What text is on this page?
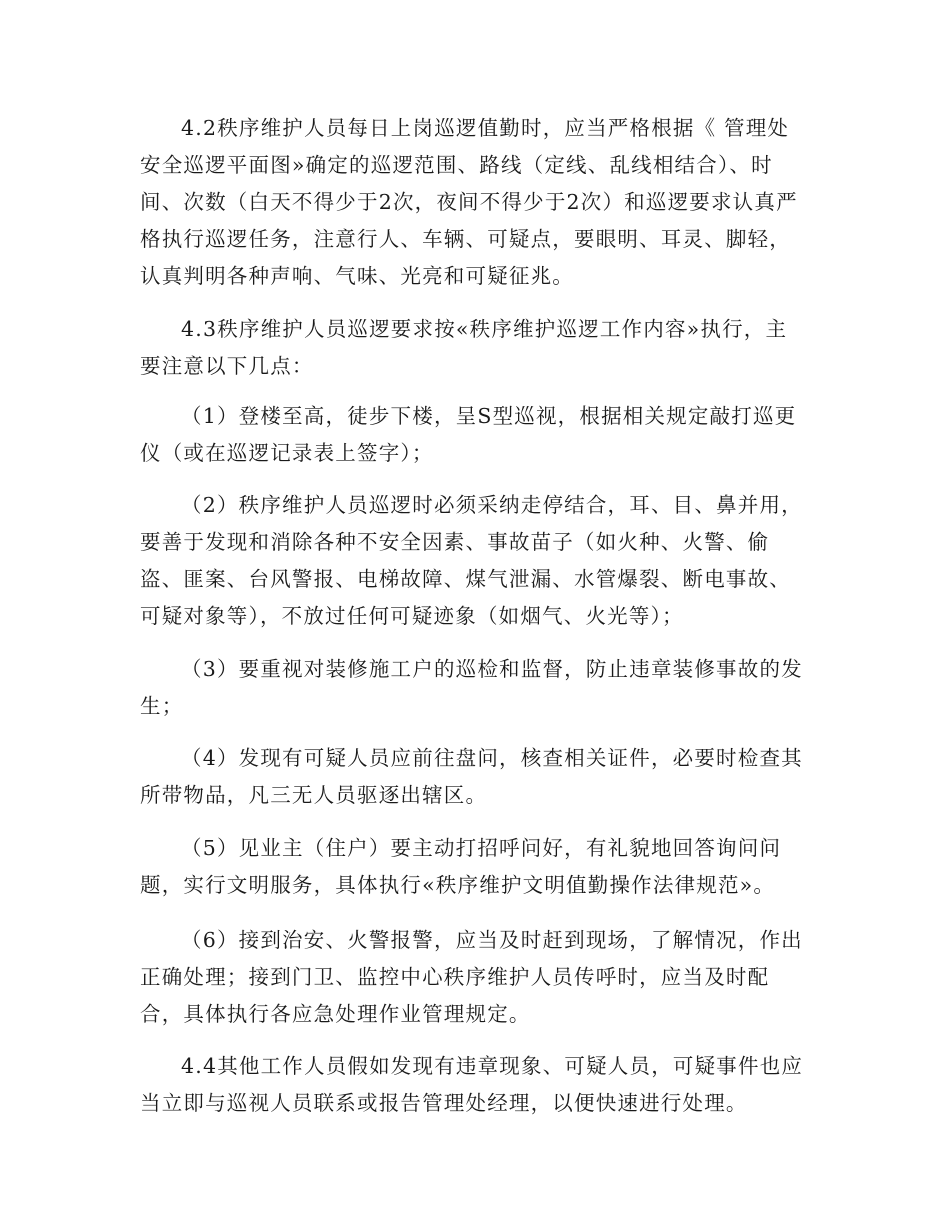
4.2秩序维护人员每日上岗巡逻值勤时，应当严格根据《 管理处
安全巡逻平面图»确定的巡逻范围、路线（定线、乱线相结合）、时
间、次数（白天不得少于2次，夜间不得少于2次）和巡逻要求认真严
格执行巡逻任务，注意行人、车辆、可疑点，要眼明、耳灵、脚轻，
认真判明各种声响、气味、光亮和可疑征兆。
4.3秩序维护人员巡逻要求按«秩序维护巡逻工作内容»执行，主
要注意以下几点：
（1）登楼至高，徒步下楼，呈S型巡视，根据相关规定敲打巡更
仪（或在巡逻记录表上签字）；
（2）秩序维护人员巡逻时必须采纳走停结合，耳、目、鼻并用，
要善于发现和消除各种不安全因素、事故苗子（如火种、火警、偷
盗、匪案、台风警报、电梯故障、煤气泄漏、水管爆裂、断电事故、
可疑对象等），不放过任何可疑迹象（如烟气、火光等）；
（3）要重视对装修施工户的巡检和监督，防止违章装修事故的发
生；
（4）发现有可疑人员应前往盘问，核查相关证件，必要时检查其
所带物品，凡三无人员驱逐出辖区。
（5）见业主（住户）要主动打招呼问好，有礼貌地回答询问问
题，实行文明服务，具体执行«秩序维护文明值勤操作法律规范»。
（6）接到治安、火警报警，应当及时赶到现场，了解情况，作出
正确处理；接到门卫、监控中心秩序维护人员传呼时，应当及时配
合，具体执行各应急处理作业管理规定。
4.4其他工作人员假如发现有违章现象、可疑人员，可疑事件也应
当立即与巡视人员联系或报告管理处经理，以便快速进行处理。
